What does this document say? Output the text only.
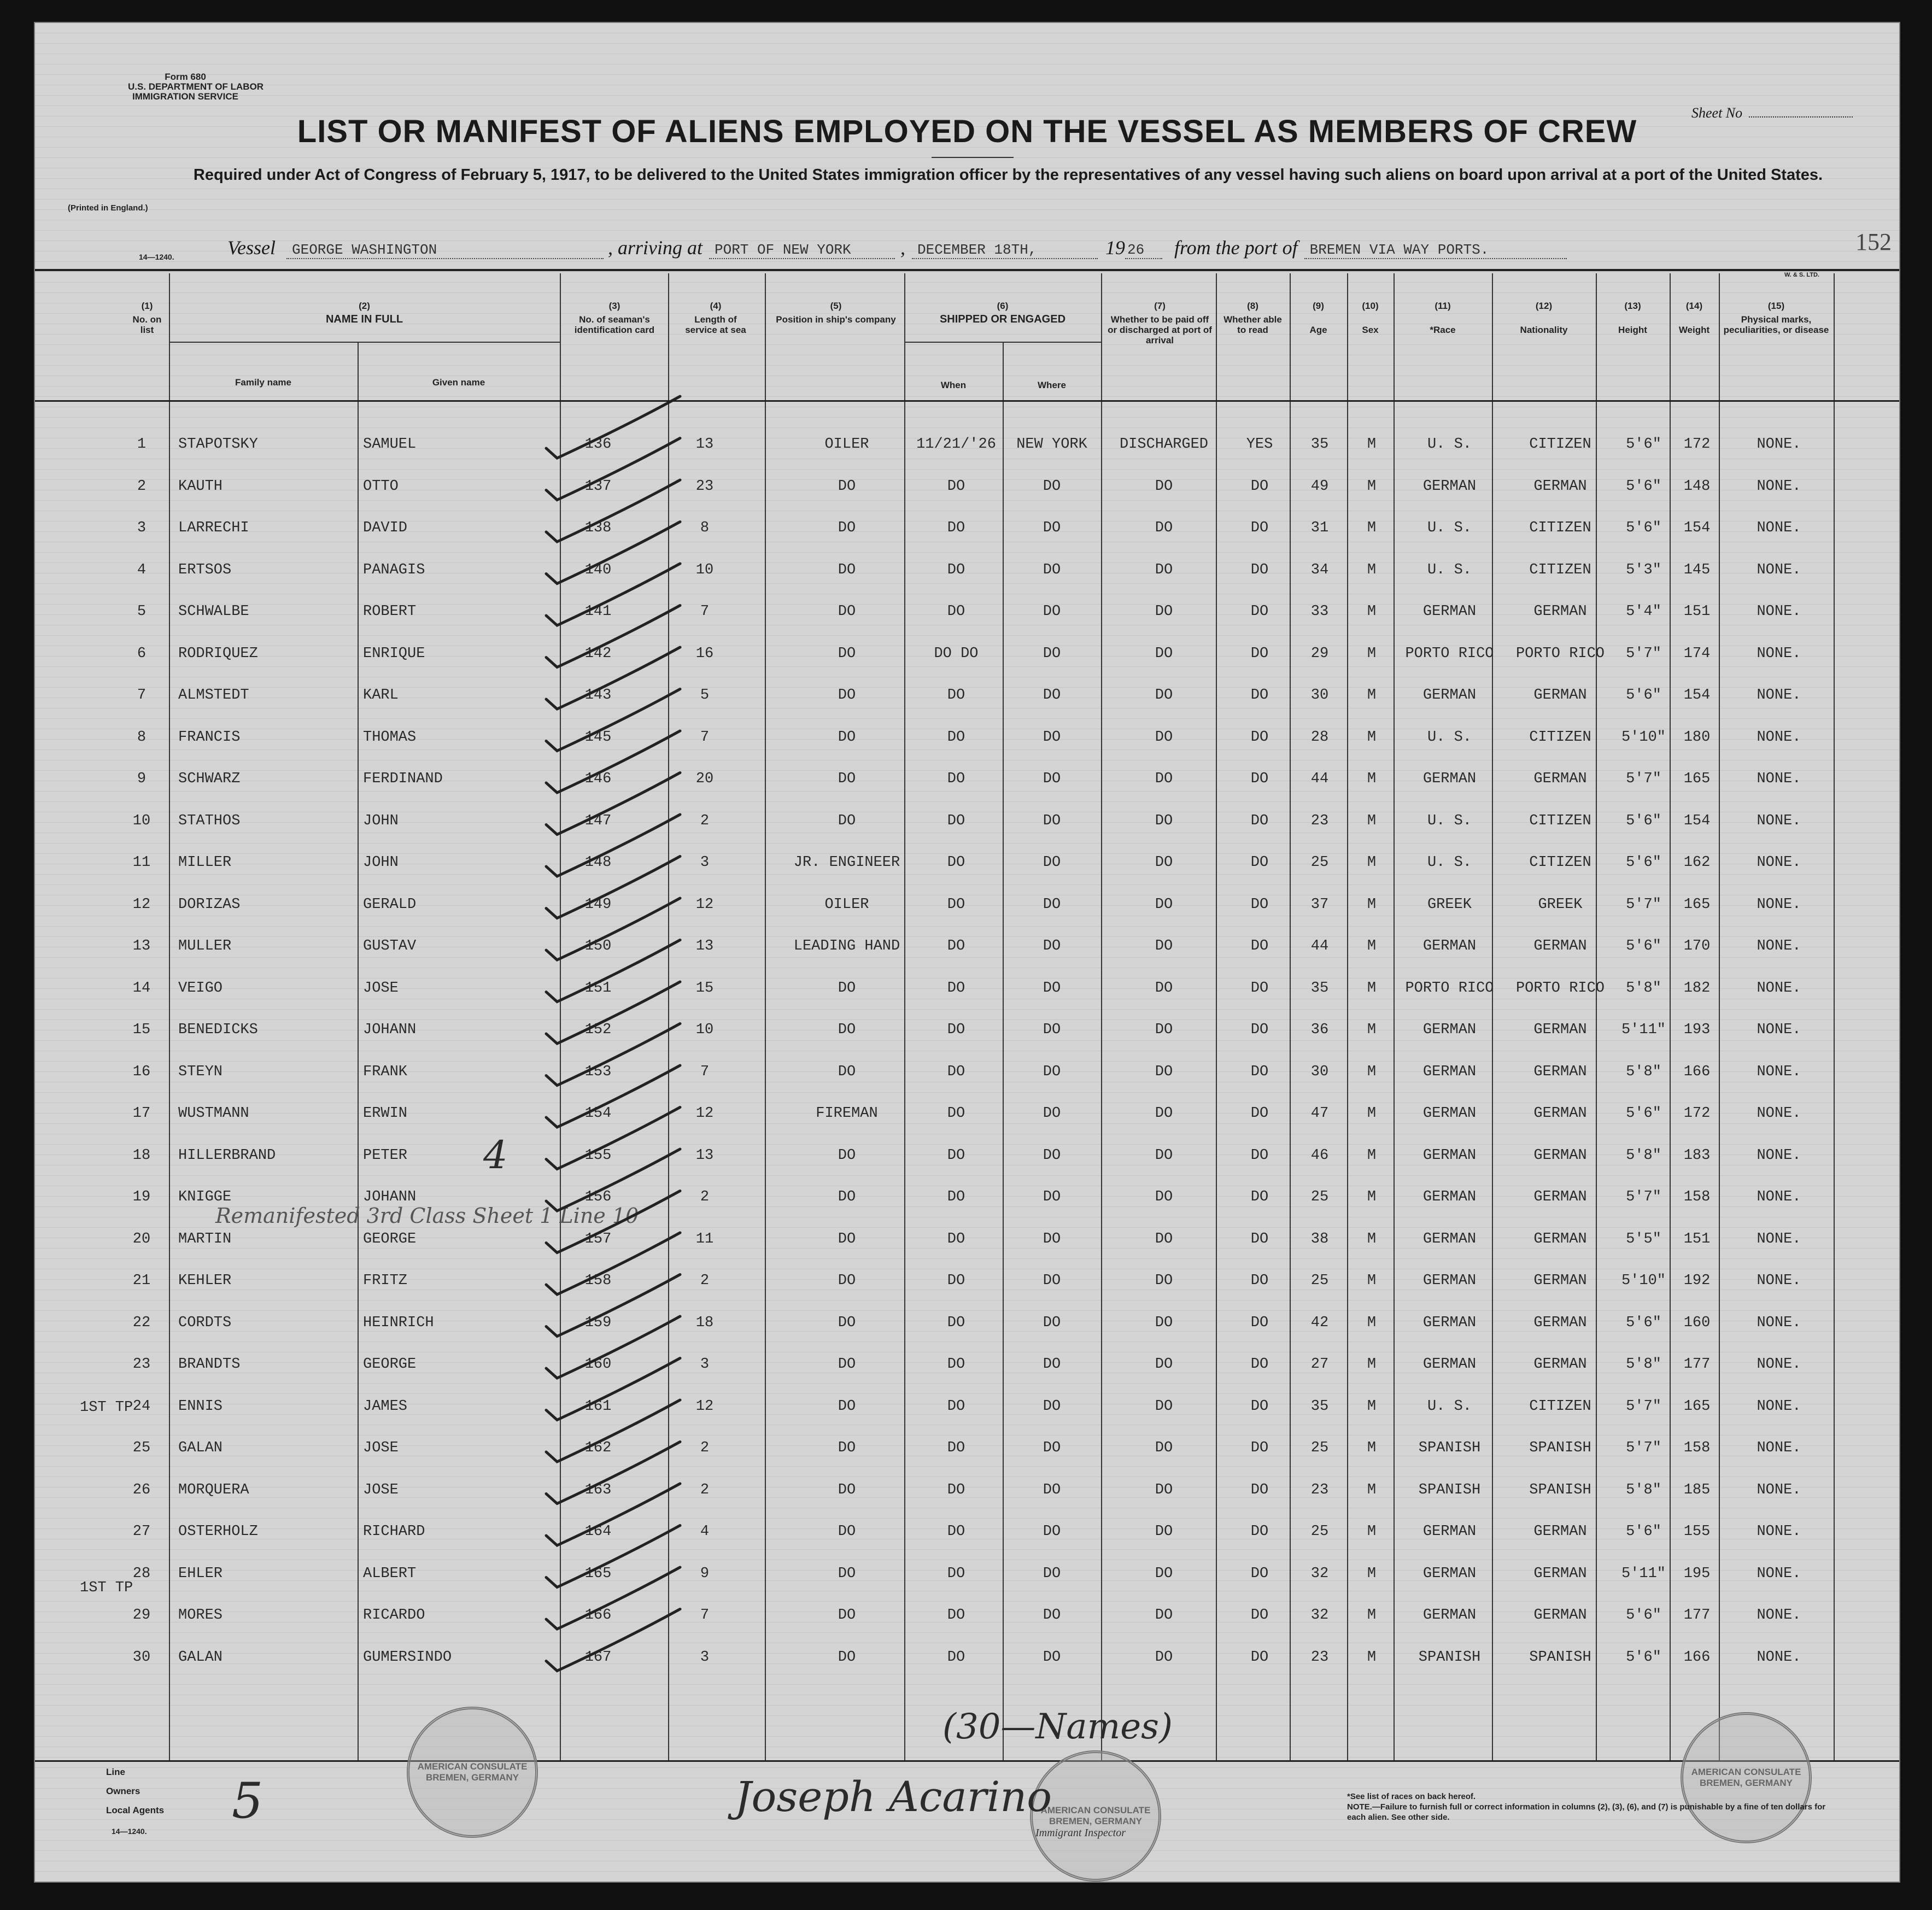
Form 680
U.S. DEPARTMENT OF LABOR
IMMIGRATION SERVICE
(Printed in England.)
14—1240.
Sheet No
LIST OR MANIFEST OF ALIENS EMPLOYED ON THE VESSEL AS MEMBERS OF CREW
Required under Act of Congress of February 5, 1917, to be delivered to the United States immigration officer by the representatives of any vessel having such aliens on board upon arrival at a port of the United States.
Vessel	GEORGE WASHINGTON	, arriving at PORT OF NEW YORK	, DECEMBER 18TH,	19 26	from the port of BREMEN VIA WAY PORTS.	152
W. & S. LTD.
(1)
No. on list
(2)
NAME IN FULL
Family name	Given name
(3)
No. of seaman's identification card
(4)
Length of service at sea
(5)
Position in ship's company
(6)
SHIPPED OR ENGAGED
When	Where
(7)
Whether to be paid off or discharged at port of arrival
(8)
Whether able to read
(9)

Age
(10)

Sex
(11)

*Race
(12)

Nationality
(13)

Height
(14)

Weight
(15)
Physical marks, peculiarities, or disease
1	STAPOTSKY	SAMUEL	136	13	OILER	11/21/'26	NEW YORK	DISCHARGED	YES	35	M	U. S.	CITIZEN	5'6"	172	NONE.
2	KAUTH	OTTO	137	23	DO	DO	DO	DO	DO	49	M	GERMAN	GERMAN	5'6"	148	NONE.
3	LARRECHI	DAVID	138	8	DO	DO	DO	DO	DO	31	M	U. S.	CITIZEN	5'6"	154	NONE.
4	ERTSOS	PANAGIS	140	10	DO	DO	DO	DO	DO	34	M	U. S.	CITIZEN	5'3"	145	NONE.
5	SCHWALBE	ROBERT	141	7	DO	DO	DO	DO	DO	33	M	GERMAN	GERMAN	5'4"	151	NONE.
6	RODRIQUEZ	ENRIQUE	142	16	DO	DO DO	DO	DO	DO	29	M	PORTO RICO	PORTO RICO	5'7"	174	NONE.
7	ALMSTEDT	KARL	143	5	DO	DO	DO	DO	DO	30	M	GERMAN	GERMAN	5'6"	154	NONE.
8	FRANCIS	THOMAS	145	7	DO	DO	DO	DO	DO	28	M	U. S.	CITIZEN	5'10"	180	NONE.
9	SCHWARZ	FERDINAND	146	20	DO	DO	DO	DO	DO	44	M	GERMAN	GERMAN	5'7"	165	NONE.
10 STATHOS	JOHN	147	2	DO	DO	DO	DO	DO	23	M	U. S.	CITIZEN	5'6"	154	NONE.
11 MILLER	JOHN	148	3	JR. ENGINEER	DO	DO	DO	DO	25	M	U. S.	CITIZEN	5'6"	162	NONE.
12 DORIZAS	GERALD	149	12	OILER	DO	DO	DO	DO	37	M	GREEK	GREEK	5'7"	165	NONE.
13 MULLER	GUSTAV	150	13	LEADING HAND	DO	DO	DO	DO	44	M	GERMAN	GERMAN	5'6"	170	NONE.
14 VEIGO	JOSE	151	15	DO	DO	DO	DO	DO	35	M	PORTO RICO	PORTO RICO	5'8"	182	NONE.
15 BENEDICKS	JOHANN	152	10	DO	DO	DO	DO	DO	36	M	GERMAN	GERMAN	5'11"	193	NONE.
16 STEYN	FRANK	153	7	DO	DO	DO	DO	DO	30	M	GERMAN	GERMAN	5'8"	166	NONE.
17 WUSTMANN	ERWIN	154	12	FIREMAN	DO	DO	DO	DO	47	M	GERMAN	GERMAN	5'6"	172	NONE.
18 HILLERBRAND	PETER	155	13	DO	DO	DO	DO	DO	46	M	GERMAN	GERMAN	5'8"	183	NONE.
19 KNIGGE	JOHANN	156	2	DO	DO	DO	DO	DO	25	M	GERMAN	GERMAN	5'7"	158	NONE.
20 MARTIN	GEORGE	157	11	DO	DO	DO	DO	DO	38	M	GERMAN	GERMAN	5'5"	151	NONE.
21 KEHLER	FRITZ	158	2	DO	DO	DO	DO	DO	25	M	GERMAN	GERMAN	5'10"	192	NONE.
22 CORDTS	HEINRICH	159	18	DO	DO	DO	DO	DO	42	M	GERMAN	GERMAN	5'6"	160	NONE.
23 BRANDTS	GEORGE	160	3	DO	DO	DO	DO	DO	27	M	GERMAN	GERMAN	5'8"	177	NONE.
24 ENNIS	JAMES	161	12	DO	DO	DO	DO	DO	35	M	U. S.	CITIZEN	5'7"	165	NONE.
25 GALAN	JOSE	162	2	DO	DO	DO	DO	DO	25	M	SPANISH	SPANISH	5'7"	158	NONE.
26 MORQUERA	JOSE	163	2	DO	DO	DO	DO	DO	23	M	SPANISH	SPANISH	5'8"	185	NONE.
27 OSTERHOLZ	RICHARD	164	4	DO	DO	DO	DO	DO	25	M	GERMAN	GERMAN	5'6"	155	NONE.
28 EHLER	ALBERT	165	9	DO	DO	DO	DO	DO	32	M	GERMAN	GERMAN	5'11"	195	NONE.
29 MORES	RICARDO	166	7	DO	DO	DO	DO	DO	32	M	GERMAN	GERMAN	5'6"	177	NONE.
30 GALAN	GUMERSINDO	167	3	DO	DO	DO	DO	DO	23	M	SPANISH	SPANISH	5'6"	166	NONE.
1ST TP
1ST TP
AMERICAN CONSULATE BREMEN, GERMANY
AMERICAN CONSULATE BREMEN, GERMANY
AMERICAN CONSULATE BREMEN, GERMANY
(30—Names)
Remanifested 3rd Class Sheet 1 Line 10
5	Joseph Acarino
4
Line
Owners
Local Agents
14—1240.	Immigrant Inspector
*See list of races on back hereof.
NOTE.—Failure to furnish full or correct information in columns (2), (3), (6), and (7) is punishable by a fine of ten dollars for each alien. See other side.
